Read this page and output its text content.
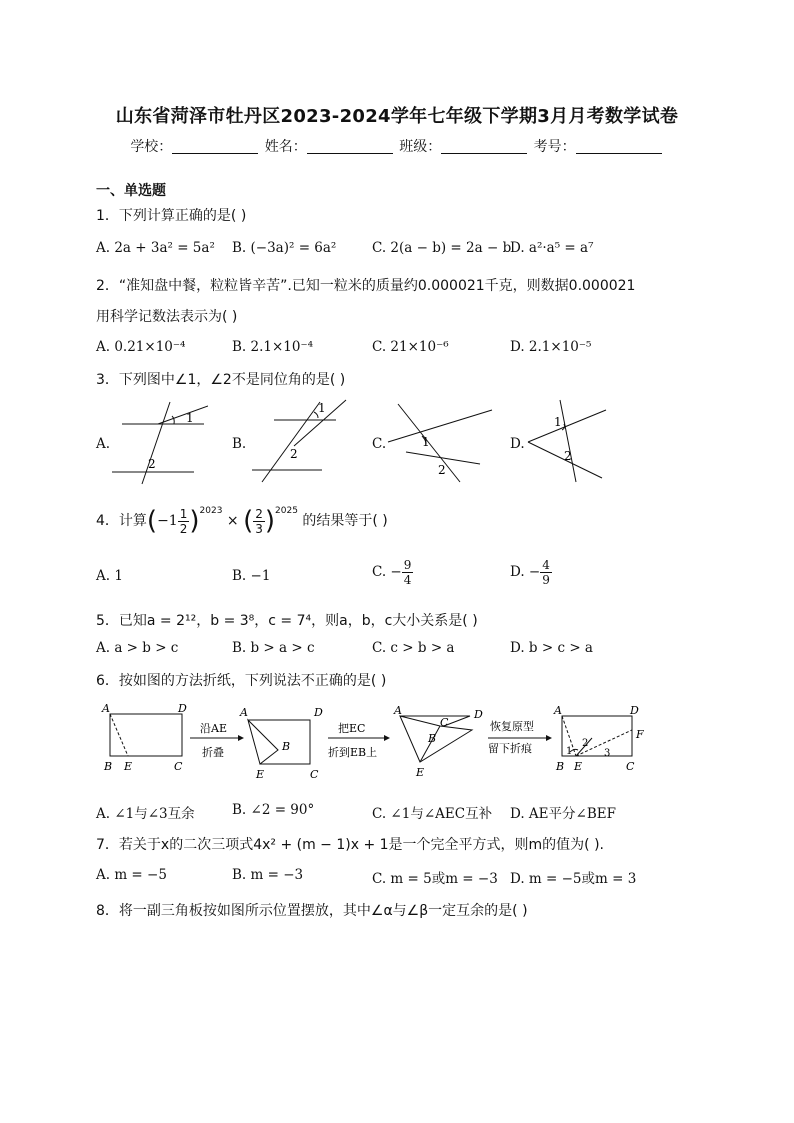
山东省菏泽市牡丹区2023-2024学年七年级下学期3月月考数学试卷
学校：	姓名：	班级：	考号：
一、单选题
1．下列计算正确的是( )
A. 2a + 3a² = 5a² B. (−3a)² = 6a²	C. 2(a − b) = 2a − b
D. a²·a⁵ = a⁷
2．“准知盘中餐，粒粒皆辛苦”.已知一粒米的质量约0.000021千克，则数据0.000021
用科学记数法表示为( )
A. 0.21×10⁻⁴	B. 2.1×10⁻⁴	C. 21×10⁻⁶	D. 2.1×10⁻⁵
3．下列图中∠1，∠2不是同位角的是( )
A.	B.	C.	D.
1
2
1
2
1
2
1
2
4．计算$(-1 \frac{1}{2} )^{2023}$ × ( $\frac{2}{3} )^{2025}$ 的结果等于( )
A. 1	B. −1	C. − $\frac{9}{4}$	D. − $\frac{4}{9}$
5．已知a = 2¹²，b = 3⁸，c = 7⁴，则a，b，c大小关系是( )
A. a > b > c	B. b > a > c	C. c > b > a	D. b > c > a
6．按如图的方法折纸，下列说法不正确的是( )
A	D
B E	C
沿AE
折叠
A	D
B
E	C
把EC
折到EB上
A	D
C
B
E
恢复原型
留下折痕
A	D
F
B E	C
1
2
3
A. ∠1与∠3互余	B. ∠2 = 90°	C. ∠1与∠AEC互补 D. AE平分∠BEF
7．若关于x的二次三项式4x² + (m − 1)x + 1是一个完全平方式，则m的值为( ).
A. m = −5	B. m = −3	C. m = 5或m = −3 D. m = −5或m = 3
8．将一副三角板按如图所示位置摆放，其中∠α与∠β一定互余的是( )
